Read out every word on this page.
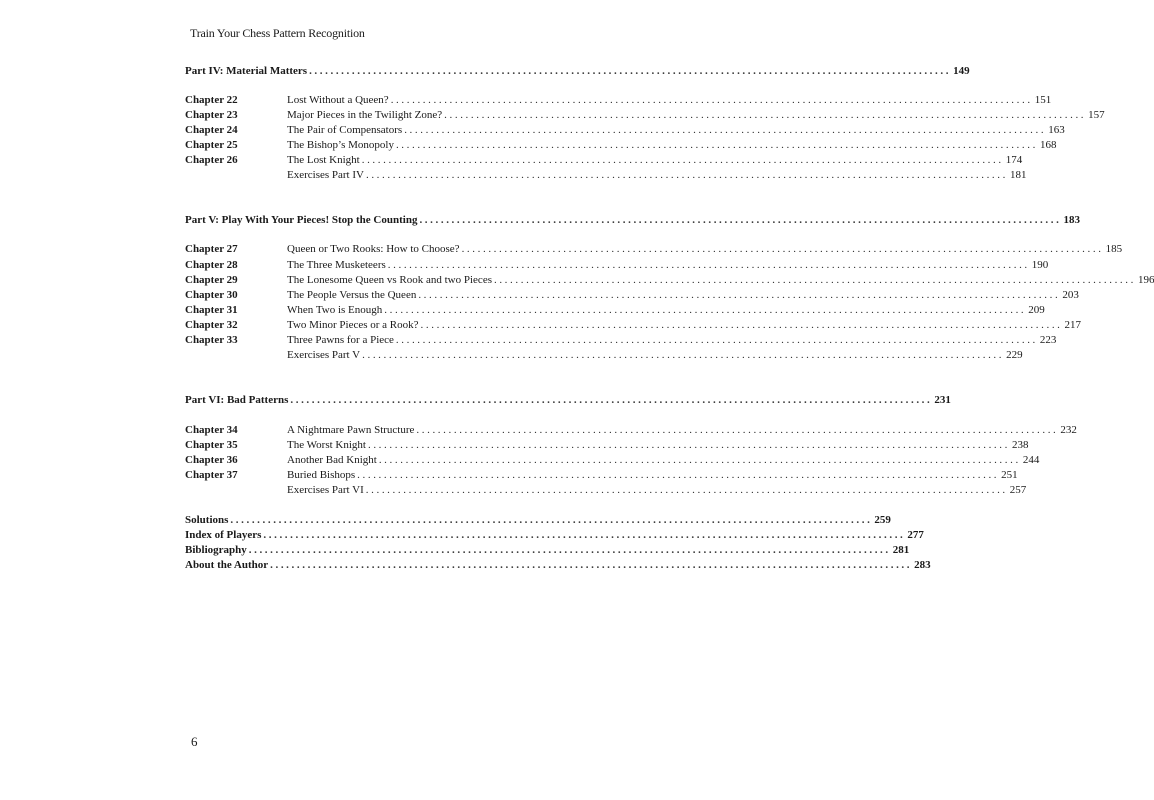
Train Your Chess Pattern Recognition
Part IV: Material Matters ........................................................................................................................ 149
Chapter 22	Lost Without a Queen? ........................................................................................................................ 151
Chapter 23	Major Pieces in the Twilight Zone? ........................................................................................................................ 157
Chapter 24	The Pair of Compensators ........................................................................................................................ 163
Chapter 25	The Bishop’s Monopoly ........................................................................................................................ 168
Chapter 26	The Lost Knight ........................................................................................................................ 174
Exercises Part IV ........................................................................................................................ 181
Part V: Play With Your Pieces! Stop the Counting ........................................................................................................................ 183
Chapter 27	Queen or Two Rooks: How to Choose? ........................................................................................................................ 185
Chapter 28	The Three Musketeers ........................................................................................................................ 190
Chapter 29	The Lonesome Queen vs Rook and two Pieces ........................................................................................................................ 196
Chapter 30	The People Versus the Queen ........................................................................................................................ 203
Chapter 31	When Two is Enough ........................................................................................................................ 209
Chapter 32	Two Minor Pieces or a Rook? ........................................................................................................................ 217
Chapter 33	Three Pawns for a Piece ........................................................................................................................ 223
Exercises Part V ........................................................................................................................ 229
Part VI: Bad Patterns ........................................................................................................................ 231
Chapter 34	A Nightmare Pawn Structure ........................................................................................................................ 232
Chapter 35	The Worst Knight ........................................................................................................................ 238
Chapter 36	Another Bad Knight ........................................................................................................................ 244
Chapter 37	Buried Bishops ........................................................................................................................ 251
Exercises Part VI ........................................................................................................................ 257
Solutions ........................................................................................................................ 259
Index of Players ........................................................................................................................ 277
Bibliography ........................................................................................................................ 281
About the Author ........................................................................................................................ 283
6
